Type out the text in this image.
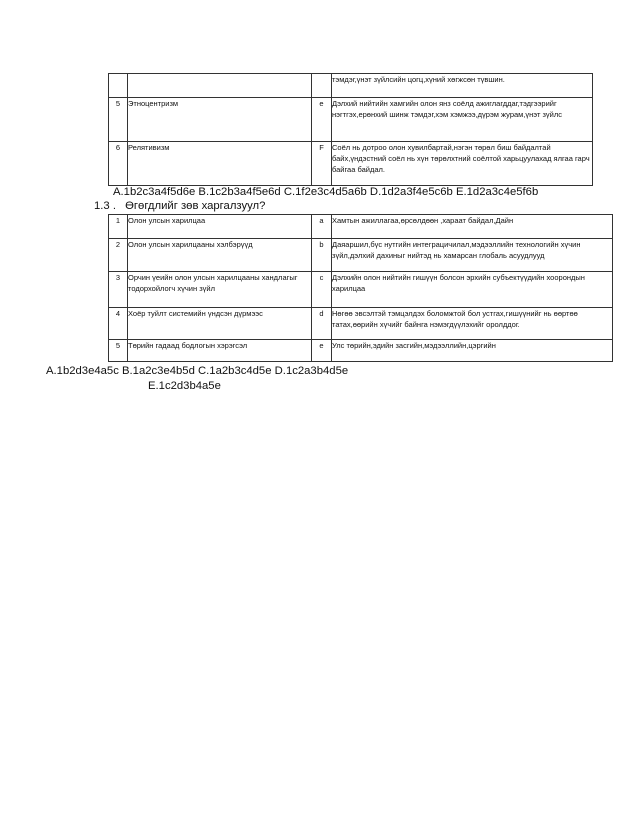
			тэмдэг,үнэт зүйлсийн цогц,хүний хөгжсөн түвшин.
5	Этноцентризм	e	Дэлхий нийтийн хамгийн олон янз соёлд ажиглагддаг,тэдгээрийг нэгтгэх,ерөнхий шинж тэмдэг,хэм хэмжээ,дүрэм журам,үнэт зүйлс
6	Релятивизм	F	Соёл нь дотроо олон хувилбартай,нэгэн төрөл биш байдалтай байх,үндэстний соёл нь хүн төрөлхтний соёлтой харьцуулахад ялгаа гарч байгаа байдал.
A.1b2c3a4f5d6e B.1c2b3a4f5e6d C.1f2e3c4d5a6b D.1d2a3f4e5c6b E.1d2a3c4e5f6b
1.3 . Өгөгдлийг зөв харгалзуул?
1	Олон улсын харилцаа	a	Хамтын ажиллагаа,өрсөлдөөн ,хараат байдал,Дайн
2	Олон улсын харилцааны хэлбэрүүд	b	Даяаршил,бүс нутгийн интеграцичилал,мэдээллийн технологийн хүчин зүйл,дэлхий дахиныг нийтэд нь хамарсан глобаль асуудлууд
3	Орчин үеийн олон улсын харилцааны хандлагыг тодорхойлогч хүчин зүйл	c	Дэлхийн олон нийтийн гишүүн болсон эрхийн субъектүүдийн хоорондын харилцаа
4	Хоёр туйлт системийн үндсэн дүрмээс	d	Нөгөө эвсэлтэй тэмцэлдэх боломжтой бол устгах,гишүүнийг нь өөртөө татах,өөрийн хүчийг байнга нэмэгдүүлэхийг оролддог.
5	Төрийн гадаад бодлогын хэрэгсэл	e	Улс төрийн,эдийн засгийн,мэдээллийн,цэргийн
A.1b2d3e4a5c B.1a2c3e4b5d C.1a2b3c4d5e D.1c2a3b4d5e
E.1c2d3b4a5e
